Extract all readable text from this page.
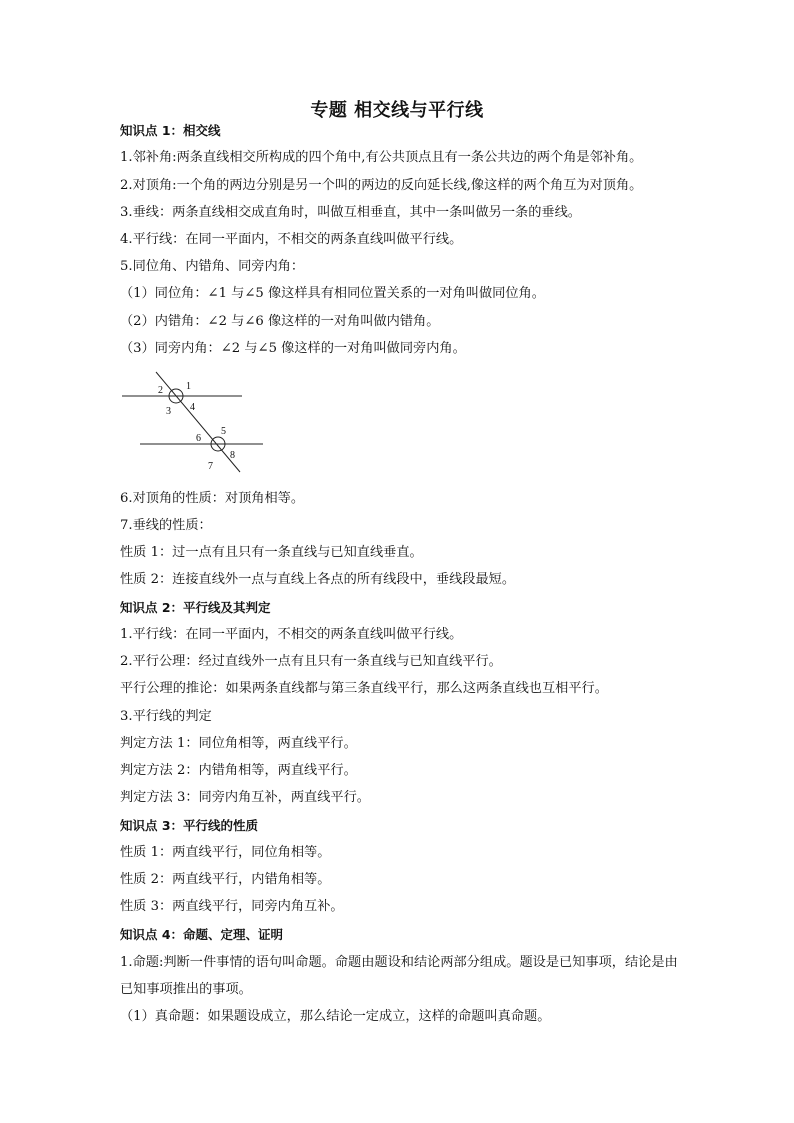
专题 相交线与平行线
知识点 1：相交线
1.邻补角:两条直线相交所构成的四个角中,有公共顶点且有一条公共边的两个角是邻补角。
2.对顶角:一个角的两边分别是另一个叫的两边的反向延长线,像这样的两个角互为对顶角。
3.垂线：两条直线相交成直角时，叫做互相垂直，其中一条叫做另一条的垂线。
4.平行线：在同一平面内，不相交的两条直线叫做平行线。
5.同位角、内错角、同旁内角：
（1）同位角：∠1 与∠5 像这样具有相同位置关系的一对角叫做同位角。
（2）内错角：∠2 与∠6 像这样的一对角叫做内错角。
（3）同旁内角：∠2 与∠5 像这样的一对角叫做同旁内角。
2 1
3 4
6
5
7
8
6.对顶角的性质：对顶角相等。
7.垂线的性质：
性质 1：过一点有且只有一条直线与已知直线垂直。
性质 2：连接直线外一点与直线上各点的所有线段中，垂线段最短。
知识点 2：平行线及其判定
1.平行线：在同一平面内，不相交的两条直线叫做平行线。
2.平行公理：经过直线外一点有且只有一条直线与已知直线平行。
平行公理的推论：如果两条直线都与第三条直线平行，那么这两条直线也互相平行。
3.平行线的判定
判定方法 1：同位角相等，两直线平行。
判定方法 2：内错角相等，两直线平行。
判定方法 3：同旁内角互补，两直线平行。
知识点 3：平行线的性质
性质 1：两直线平行，同位角相等。
性质 2：两直线平行，内错角相等。
性质 3：两直线平行，同旁内角互补。
知识点 4：命题、定理、证明
1.命题:判断一件事情的语句叫命题。命题由题设和结论两部分组成。题设是已知事项，结论是由已知事项推出的事项。
（1）真命题：如果题设成立，那么结论一定成立，这样的命题叫真命题。
